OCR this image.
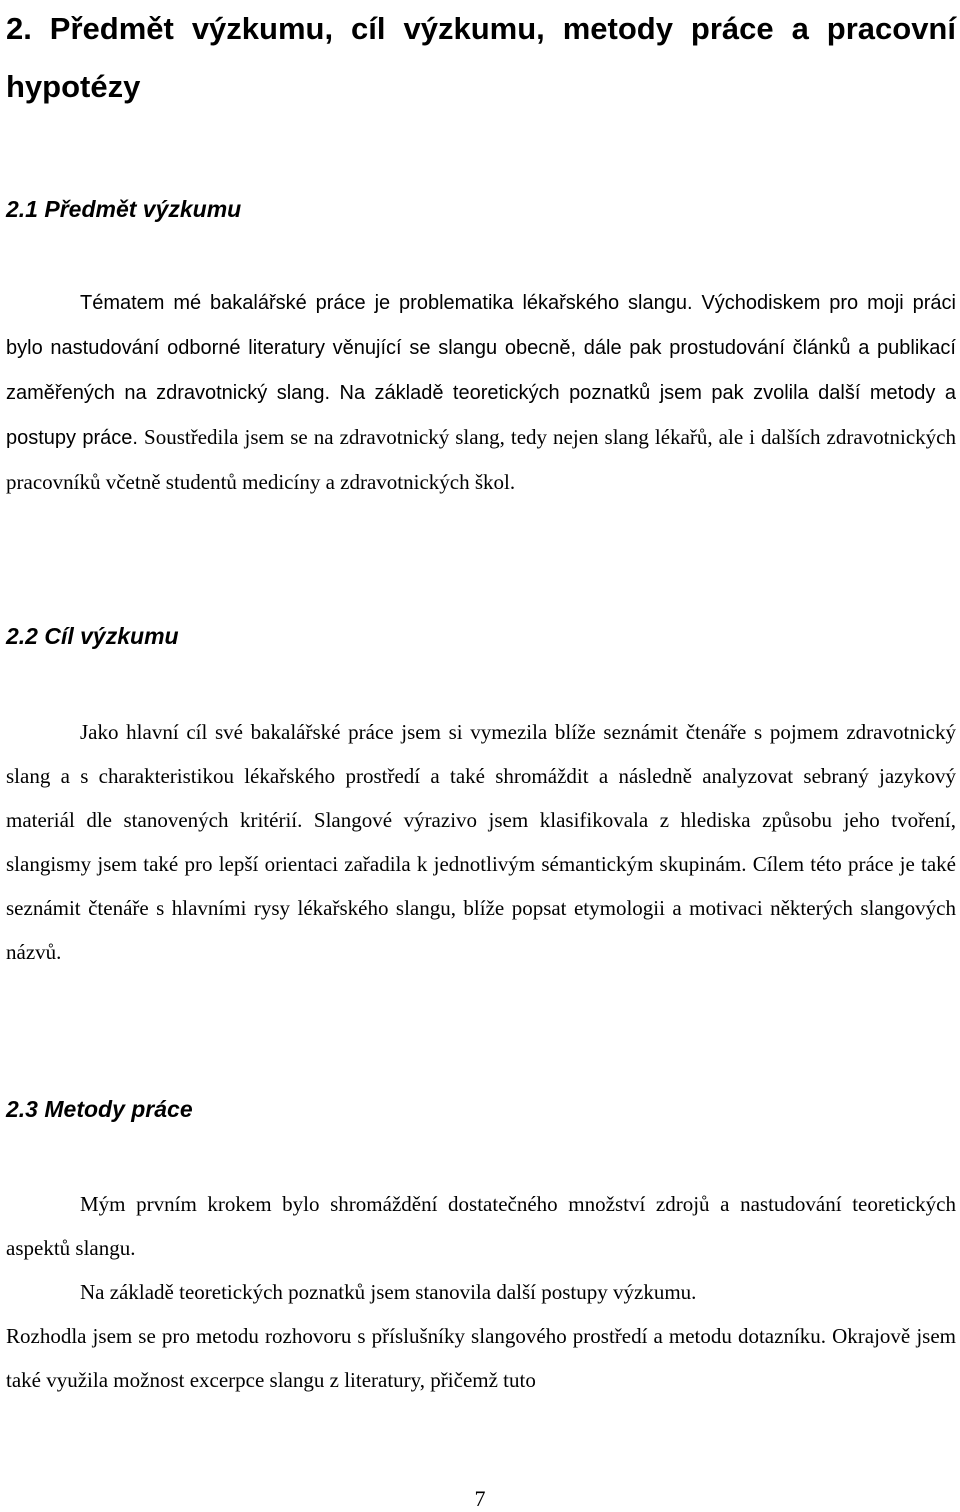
2. Předmět výzkumu, cíl výzkumu, metody práce a pracovní hypotézy
2.1 Předmět výzkumu

Tématem mé bakalářské práce je problematika lékařského slangu. Východiskem pro moji práci bylo nastudování odborné literatury věnující se slangu obecně, dále pak prostudování článků a publikací zaměřených na zdravotnický slang. Na základě teoretických poznatků jsem pak zvolila další metody a postupy práce. Soustředila jsem se na zdravotnický slang, tedy nejen slang lékařů, ale i dalších zdravotnických pracovníků včetně studentů medicíny a zdravotnických škol.

2.2 Cíl výzkumu

Jako hlavní cíl své bakalářské práce jsem si vymezila blíže seznámit čtenáře s pojmem zdravotnický slang a s charakteristikou lékařského prostředí a také shromáždit a následně analyzovat sebraný jazykový materiál dle stanovených kritérií. Slangové výrazivo jsem klasifikovala z hlediska způsobu jeho tvoření, slangismy jsem také pro lepší orientaci zařadila k jednotlivým sémantickým skupinám. Cílem této práce je také seznámit čtenáře s hlavními rysy lékařského slangu, blíže popsat etymologii a motivaci některých slangových názvů.

2.3 Metody práce

Mým prvním krokem bylo shromáždění dostatečného množství zdrojů a nastudování teoretických aspektů slangu.

Na základě teoretických poznatků jsem stanovila další postupy výzkumu.

Rozhodla jsem se pro metodu rozhovoru s příslušníky slangového prostředí a metodu dotazníku. Okrajově jsem také využila možnost excerpce slangu z literatury, přičemž tuto

7
